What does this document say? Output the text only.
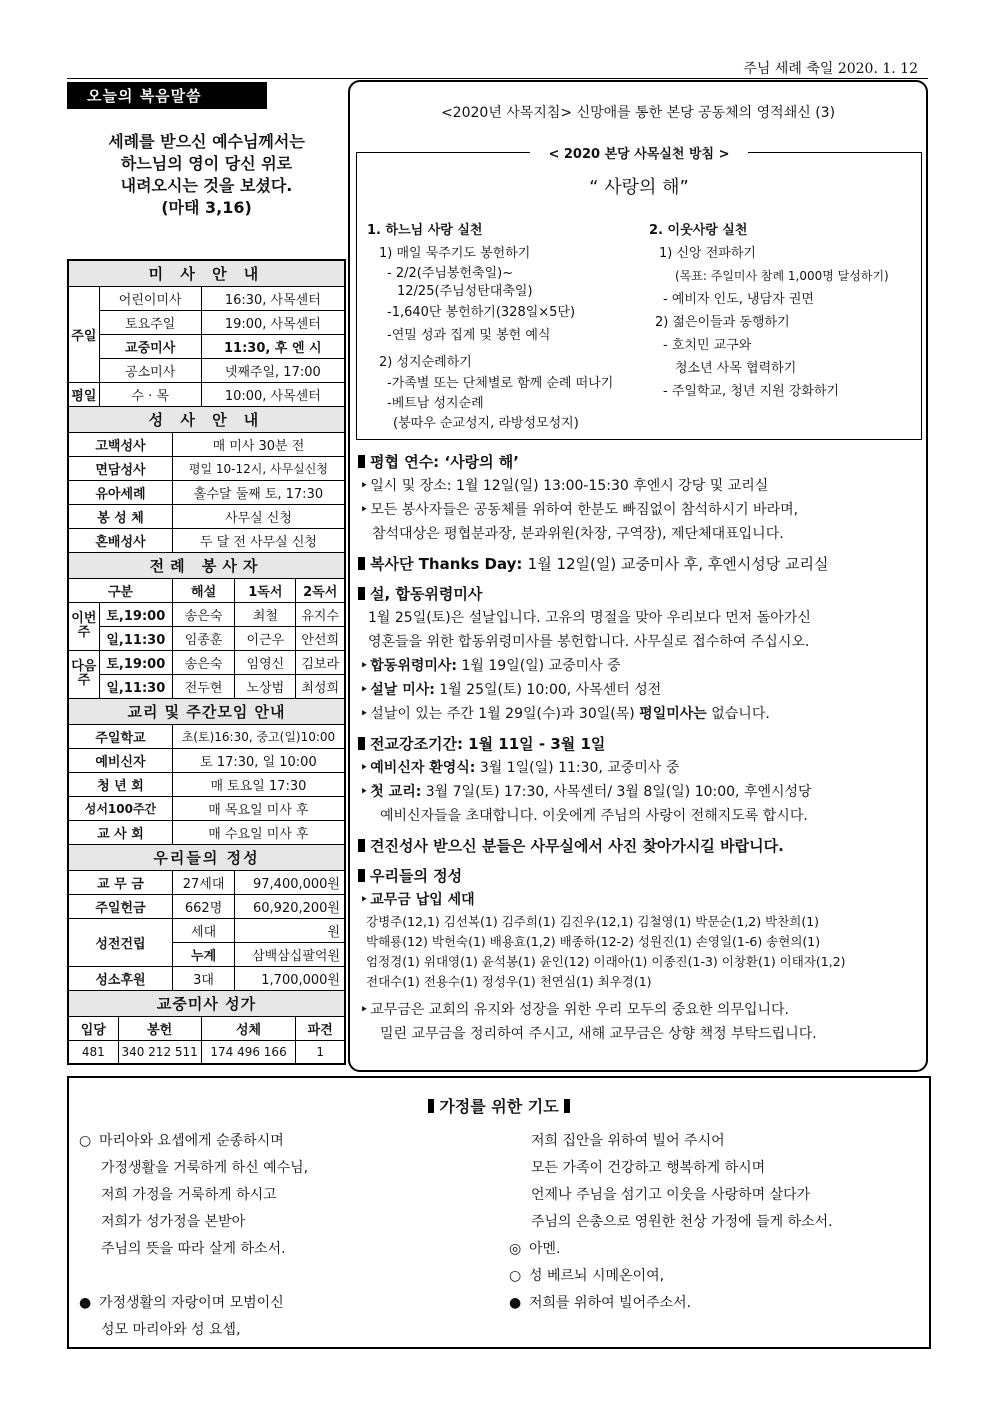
주님 세례 축일 2020. 1. 12
오늘의 복음말씀
세례를 받으신 예수님께서는
하느님의 영이 당신 위로
내려오시는 것을 보셨다.
(마태 3,16)
미 사 안 내						
주일	어린이미사			16:30, 사목센터		
	토요주일			19:00, 사목센터		
	교중미사			11:30, 후 엔 시		
	공소미사			넷째주일, 17:00		
평일	수 · 목			10:00, 사목센터		
성 사 안 내						
고백성사			매 미사 30분 전			
면담성사			평일 10-12시, 사무실신청			
유아세례			홀수달 둘째 토, 17:30			
봉 성 체			사무실 신청			
혼배성사			두 달 전 사무실 신청			
전례 봉사자						
구분			해설		1독서	2독서
이번주	토,19:00		송은숙		최철	유지수
	일,11:30		임종훈		이근우	안선희
다음주	토,19:00		송은숙		임영신	김보라
	일,11:30		전두현		노상범	최성희
교리 및 주간모임 안내						
주일학교			초(토)16:30, 중고(일)10:00			
예비신자			토 17:30, 일 10:00			
청 년 회			매 토요일 17:30			
성서100주간			매 목요일 미사 후			
교 사 회			매 수요일 미사 후			
우리들의 정성						
교 무 금			27세대		97,400,000원	
주일헌금			662명		60,920,200원	
성전건립			세대		원	
			누계		삼백삼십팔억원	
성소후원			3대		1,700,000원	
교중미사 성가						
입당		봉헌		성체		파견
481		340 212 511		174 496 166		1
<2020년 사목지침> 신망애를 통한 본당 공동체의 영적쇄신 (3)
< 2020 본당 사목실천 방침 >
“ 사랑의 해”
1. 하느님 사랑 실천
1) 매일 묵주기도 봉헌하기
- 2/2(주님봉헌축일)~
12/25(주님성탄대축일)
-1,640단 봉헌하기(328일×5단)
-연밀 성과 집계 및 봉헌 예식
2) 성지순례하기
-가족별 또는 단체별로 함께 순례 떠나기
-베트남 성지순례
(붕따우 순교성지, 라방성모성지)
2. 이웃사랑 실천
1) 신앙 전파하기
(목표: 주일미사 참례 1,000명 달성하기)
- 예비자 인도, 냉담자 권면
2) 젊은이들과 동행하기
- 호치민 교구와
청소년 사목 협력하기
- 주일학교, 청년 지원 강화하기
평협 연수: ‘사랑의 해’
‣ 일시 및 장소: 1월 12일(일) 13:00-15:30 후엔시 강당 및 교리실
‣ 모든 봉사자들은 공동체를 위하여 한분도 빠짐없이 참석하시기 바라며,
참석대상은 평협분과장, 분과위원(차장, 구역장), 제단체대표입니다.
복사단 Thanks Day: 1월 12일(일) 교중미사 후, 후엔시성당 교리실
설, 합동위령미사
1월 25일(토)은 설날입니다. 고유의 명절을 맞아 우리보다 먼저 돌아가신
영혼들을 위한 합동위령미사를 봉헌합니다. 사무실로 접수하여 주십시오.
‣ 합동위령미사: 1월 19일(일) 교중미사 중
‣ 설날 미사: 1월 25일(토) 10:00, 사목센터 성전
‣ 설날이 있는 주간 1월 29일(수)과 30일(목) 평일미사는 없습니다.
전교강조기간: 1월 11일 - 3월 1일
‣ 예비신자 환영식: 3월 1일(일) 11:30, 교중미사 중
‣ 첫 교리: 3월 7일(토) 17:30, 사목센터/ 3월 8일(일) 10:00, 후엔시성당
예비신자들을 초대합니다. 이웃에게 주님의 사랑이 전해지도록 합시다.
견진성사 받으신 분들은 사무실에서 사진 찾아가시길 바랍니다.
우리들의 정성
‣ 교무금 납입 세대
강병주(12,1) 김선복(1) 김주희(1) 김진우(12,1) 김철영(1) 박문순(1,2) 박찬희(1)
박해룡(12) 박헌숙(1) 배용효(1,2) 배종하(12-2) 성원진(1) 손영일(1-6) 송현의(1)
엄정경(1) 위대영(1) 윤석봉(1) 윤인(12) 이래아(1) 이종진(1-3) 이창환(1) 이태자(1,2)
전대수(1) 전용수(1) 정성우(1) 천연심(1) 최우경(1)
‣ 교무금은 교회의 유지와 성장을 위한 우리 모두의 중요한 의무입니다.
밀린 교무금을 정리하여 주시고, 새해 교무금은 상향 책정 부탁드립니다.
가정를 위한 기도
○ 마리아와 요셉에게 순종하시며
가정생활을 거룩하게 하신 예수님,
저희 가정을 거룩하게 하시고
저희가 성가정을 본받아
주님의 뜻을 따라 살게 하소서.
● 가정생활의 자랑이며 모범이신
성모 마리아와 성 요셉,
저희 집안을 위하여 빌어 주시어
모든 가족이 건강하고 행복하게 하시며
언제나 주님을 섬기고 이웃을 사랑하며 살다가
주님의 은총으로 영원한 천상 가정에 들게 하소서.
◎ 아멘.
○ 성 베르뇌 시메온이여,
● 저희를 위하여 빌어주소서.
